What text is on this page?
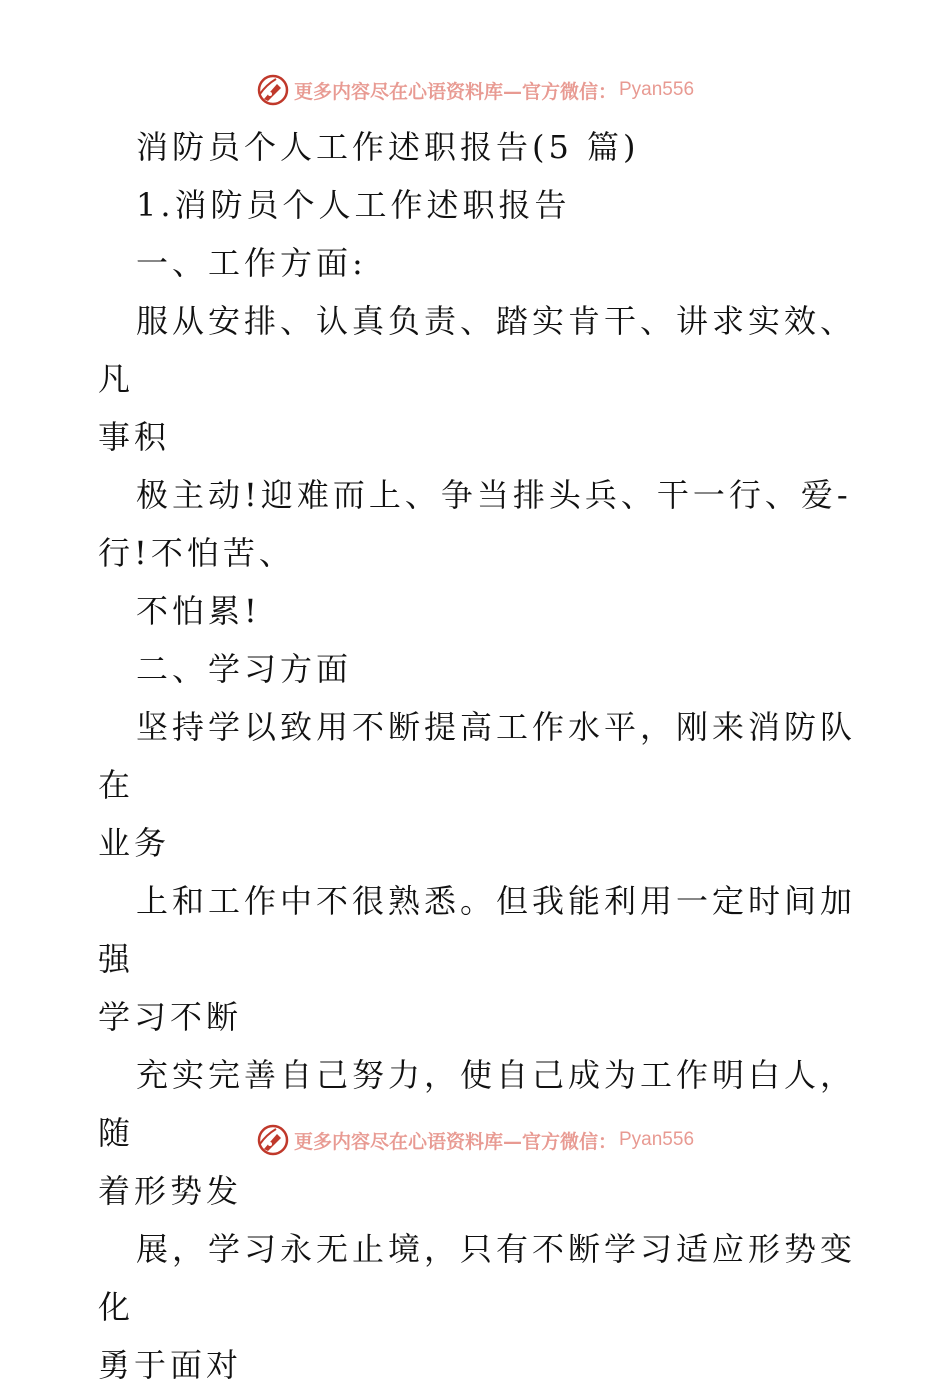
更多内容尽在心语资料库—官方微信： Pyan556

消防员个人工作述职报告(5 篇)

1.消防员个人工作述职报告

一、工作方面:

服从安排、认真负责、踏实肯干、讲求实效、凡

事积

极主动!迎难而上、争当排头兵、干一行、爱-

行!不怕苦、

不怕累!

二、学习方面

坚持学以致用不断提高工作水平，刚来消防队在

业务

上和工作中不很熟悉。但我能利用一定时间加强

学习不断

充实完善自己努力，使自己成为工作明白人，随

着形势发

展，学习永无止境，只有不断学习适应形势变化

勇于面对

更多内容尽在心语资料库—官方微信： Pyan556
